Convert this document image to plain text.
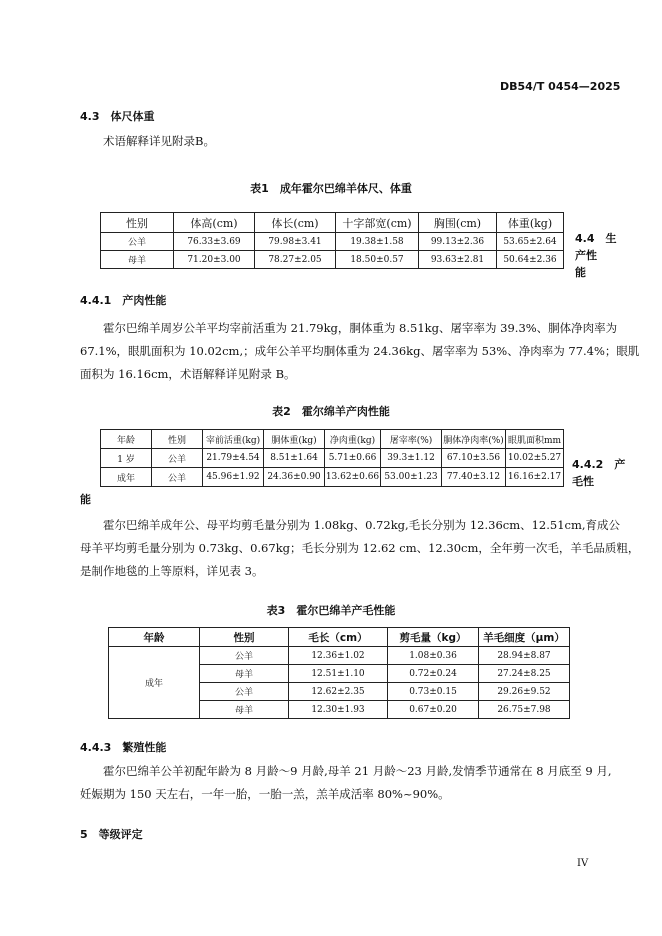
DB54/T 0454—2025
4.3　体尺体重
术语解释详见附录B。
表1　成年霍尔巴绵羊体尺、体重
性别	体高(cm)	体长(cm)	十字部宽(cm)	胸围(cm)	体重(kg)
公羊	76.33±3.69	79.98±3.41	19.38±1.58	99.13±2.36	53.65±2.64
母羊	71.20±3.00	78.27±2.05	18.50±0.57	93.63±2.81	50.64±2.36
4.4　生
产性
能
4.4.1　产肉性能
霍尔巴绵羊周岁公羊平均宰前活重为 21.79kg，胴体重为 8.51kg、屠宰率为 39.3%、胴体净肉率为
67.1%，眼肌面积为 10.02cm,；成年公羊平均胴体重为 24.36kg、屠宰率为 53%、净肉率为 77.4%；眼肌
面积为 16.16cm，术语解释详见附录 B。
表2　霍尔绵羊产肉性能
年龄	性别	宰前活重(kg)	胴体重(kg)	净肉重(kg)	屠宰率(%)	胴体净肉率(%)	眼肌面积mm
1 岁	公羊	21.79±4.54	8.51±1.64	5.71±0.66	39.3±1.12	67.10±3.56	10.02±5.27
成年	公羊	45.96±1.92	24.36±0.90	13.62±0.66	53.00±1.23	77.40±3.12	16.16±2.17
4.4.2　产
毛性
能
霍尔巴绵羊成年公、母平均剪毛量分别为 1.08kg、0.72kg,毛长分别为 12.36cm、12.51cm,育成公
母羊平均剪毛量分别为 0.73kg、0.67kg；毛长分别为 12.62 cm、12.30cm，全年剪一次毛，羊毛品质粗，
是制作地毯的上等原料，详见表 3。
表3　霍尔巴绵羊产毛性能
年龄	性别	毛长（cm）	剪毛量（kg）	羊毛细度（μm）
成年	公羊	12.36±1.02	1.08±0.36	28.94±8.87
	母羊	12.51±1.10	0.72±0.24	27.24±8.25
	公羊	12.62±2.35	0.73±0.15	29.26±9.52
	母羊	12.30±1.93	0.67±0.20	26.75±7.98
4.4.3　繁殖性能
霍尔巴绵羊公羊初配年龄为 8 月龄～9 月龄,母羊 21 月龄～23 月龄,发情季节通常在 8 月底至 9 月,
妊娠期为 150 天左右，一年一胎，一胎一羔，羔羊成活率 80%~90%。
5　等级评定
IV
